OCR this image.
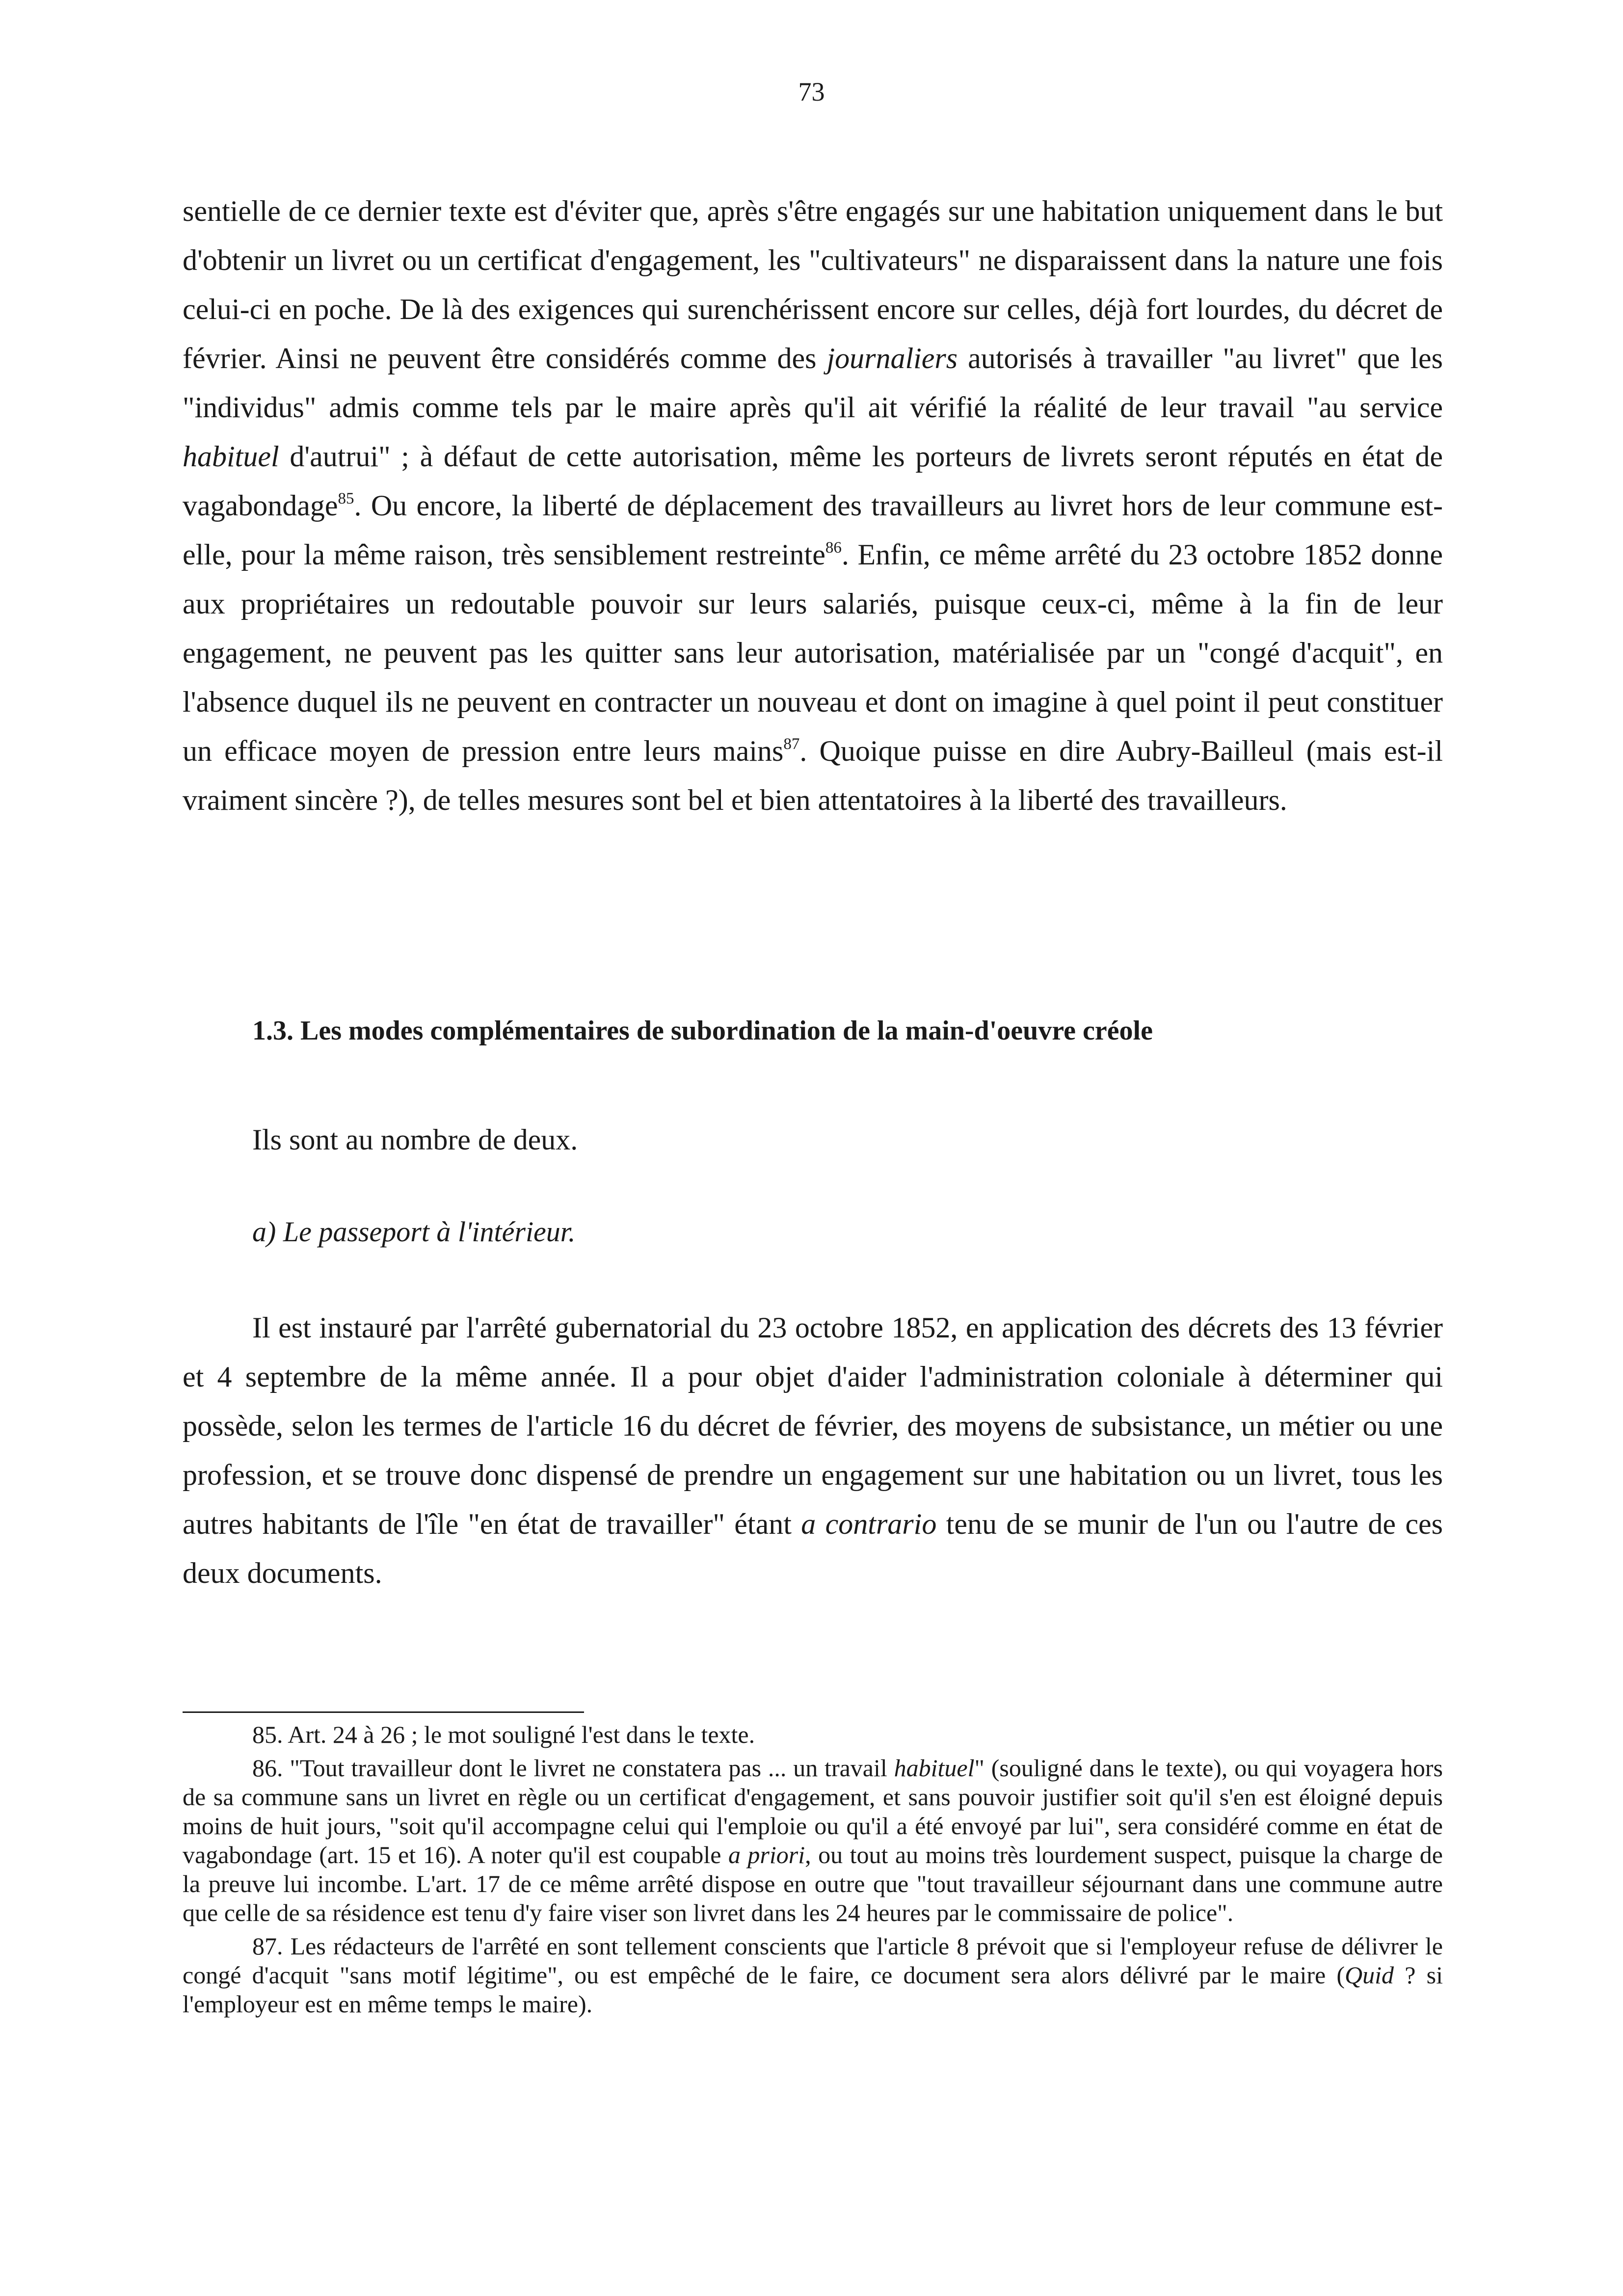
73

sentielle de ce dernier texte est d'éviter que, après s'être engagés sur une habitation uniquement dans le but d'obtenir un livret ou un certificat d'engagement, les "cultivateurs" ne disparaissent dans la nature une fois celui-ci en poche. De là des exigences qui surenchérissent encore sur celles, déjà fort lourdes, du décret de février. Ainsi ne peuvent être considérés comme des journaliers autorisés à travailler "au livret" que les "individus" admis comme tels par le maire après qu'il ait vérifié la réalité de leur travail "au service habituel d'autrui" ; à défaut de cette autorisation, même les porteurs de livrets seront réputés en état de vagabondage$^{85}$. Ou encore, la liberté de déplacement des travailleurs au livret hors de leur commune est-elle, pour la même raison, très sensiblement restreinte$^{86}$. Enfin, ce même arrêté du 23 octobre 1852 donne aux propriétaires un redoutable pouvoir sur leurs salariés, puisque ceux-ci, même à la fin de leur engagement, ne peuvent pas les quitter sans leur autorisation, matérialisée par un "congé d'acquit", en l'absence duquel ils ne peuvent en contracter un nouveau et dont on imagine à quel point il peut constituer un efficace moyen de pression entre leurs mains$^{87}$. Quoique puisse en dire Aubry-Bailleul (mais est-il vraiment sincère ?), de telles mesures sont bel et bien attentatoires à la liberté des travailleurs.

1.3. Les modes complémentaires de subordination de la main-d'oeuvre créole
Ils sont au nombre de deux.
a) Le passeport à l'intérieur.

Il est instauré par l'arrêté gubernatorial du 23 octobre 1852, en application des décrets des 13 février et 4 septembre de la même année. Il a pour objet d'aider l'administration coloniale à déterminer qui possède, selon les termes de l'article 16 du décret de février, des moyens de subsistance, un métier ou une profession, et se trouve donc dispensé de prendre un engagement sur une habitation ou un livret, tous les autres habitants de l'île "en état de travailler" étant a contrario tenu de se munir de l'un ou l'autre de ces deux documents.

85. Art. 24 à 26 ; le mot souligné l'est dans le texte.

86. "Tout travailleur dont le livret ne constatera pas ... un travail habituel" (souligné dans le texte), ou qui voyagera hors de sa commune sans un livret en règle ou un certificat d'engagement, et sans pouvoir justifier soit qu'il s'en est éloigné depuis moins de huit jours, "soit qu'il accompagne celui qui l'emploie ou qu'il a été envoyé par lui", sera considéré comme en état de vagabondage (art. 15 et 16). A noter qu'il est coupable a priori, ou tout au moins très lourdement suspect, puisque la charge de la preuve lui incombe. L'art. 17 de ce même arrêté dispose en outre que "tout travailleur séjournant dans une commune autre que celle de sa résidence est tenu d'y faire viser son livret dans les 24 heures par le commissaire de police".

87. Les rédacteurs de l'arrêté en sont tellement conscients que l'article 8 prévoit que si l'employeur refuse de délivrer le congé d'acquit "sans motif légitime", ou est empêché de le faire, ce document sera alors délivré par le maire (Quid ? si l'employeur est en même temps le maire).
